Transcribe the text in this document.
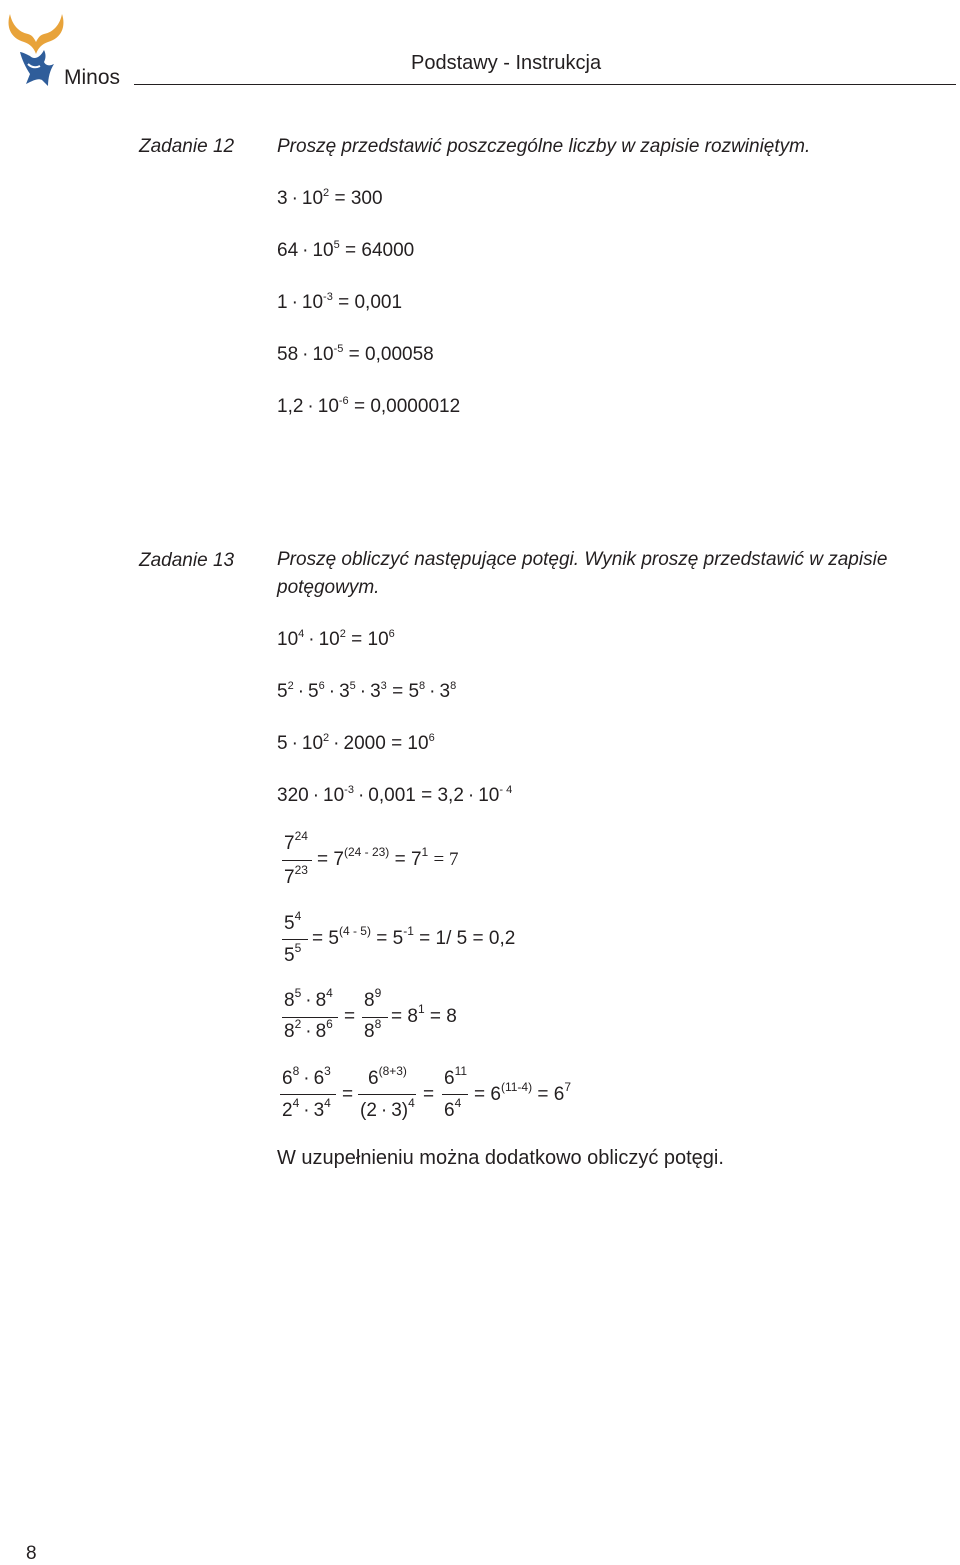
Minos
Podstawy - Instrukcja
Zadanie 12 Proszę przedstawić poszczególne liczby w zapisie rozwiniętym.
$3 \cdot 10^2 = 300$
$64 \cdot 10^5 = 64000$
$1 \cdot 10^{-3} = 0,001$
$58 \cdot 10^{-5} = 0,00058$
$1,2 \cdot 10^{-6} = 0,0000012$
Zadanie 13 Proszę obliczyć następujące potęgi. Wynik proszę przedstawić w zapisie potęgowym.
$10^4 \cdot 10^2 = 10^6$
$5^2 \cdot 5^6 \cdot 3^5 \cdot 3^3 = 5^8 \cdot 3^8$
$5 \cdot 10^2 \cdot 2000 = 10^6$
$320 \cdot 10^{-3} \cdot 0,001 = 3,2 \cdot 10^{- 4}$
$7^{24}$
$7^{23} = 7^{(24 - 23)} = 7^1 = 7$
$5^4$
$5^5 = 5^{(4 - 5)} = 5^{-1} = 1/$ 5 = 0,2
$8^5 \cdot 8^4$
$8^2 \cdot 8^6$ =
$8^9$
$8^8 = 8^1 = 8$
$6^8 \cdot 6^3$
$2^4 \cdot 3^4$ =
$6^{(8+3)}$
$(2 \cdot 3)^4$ =
$6^{11}$
$6^4 = 6^{(11-4)} = 6^7$
W uzupełnieniu można dodatkowo obliczyć potęgi.
8
